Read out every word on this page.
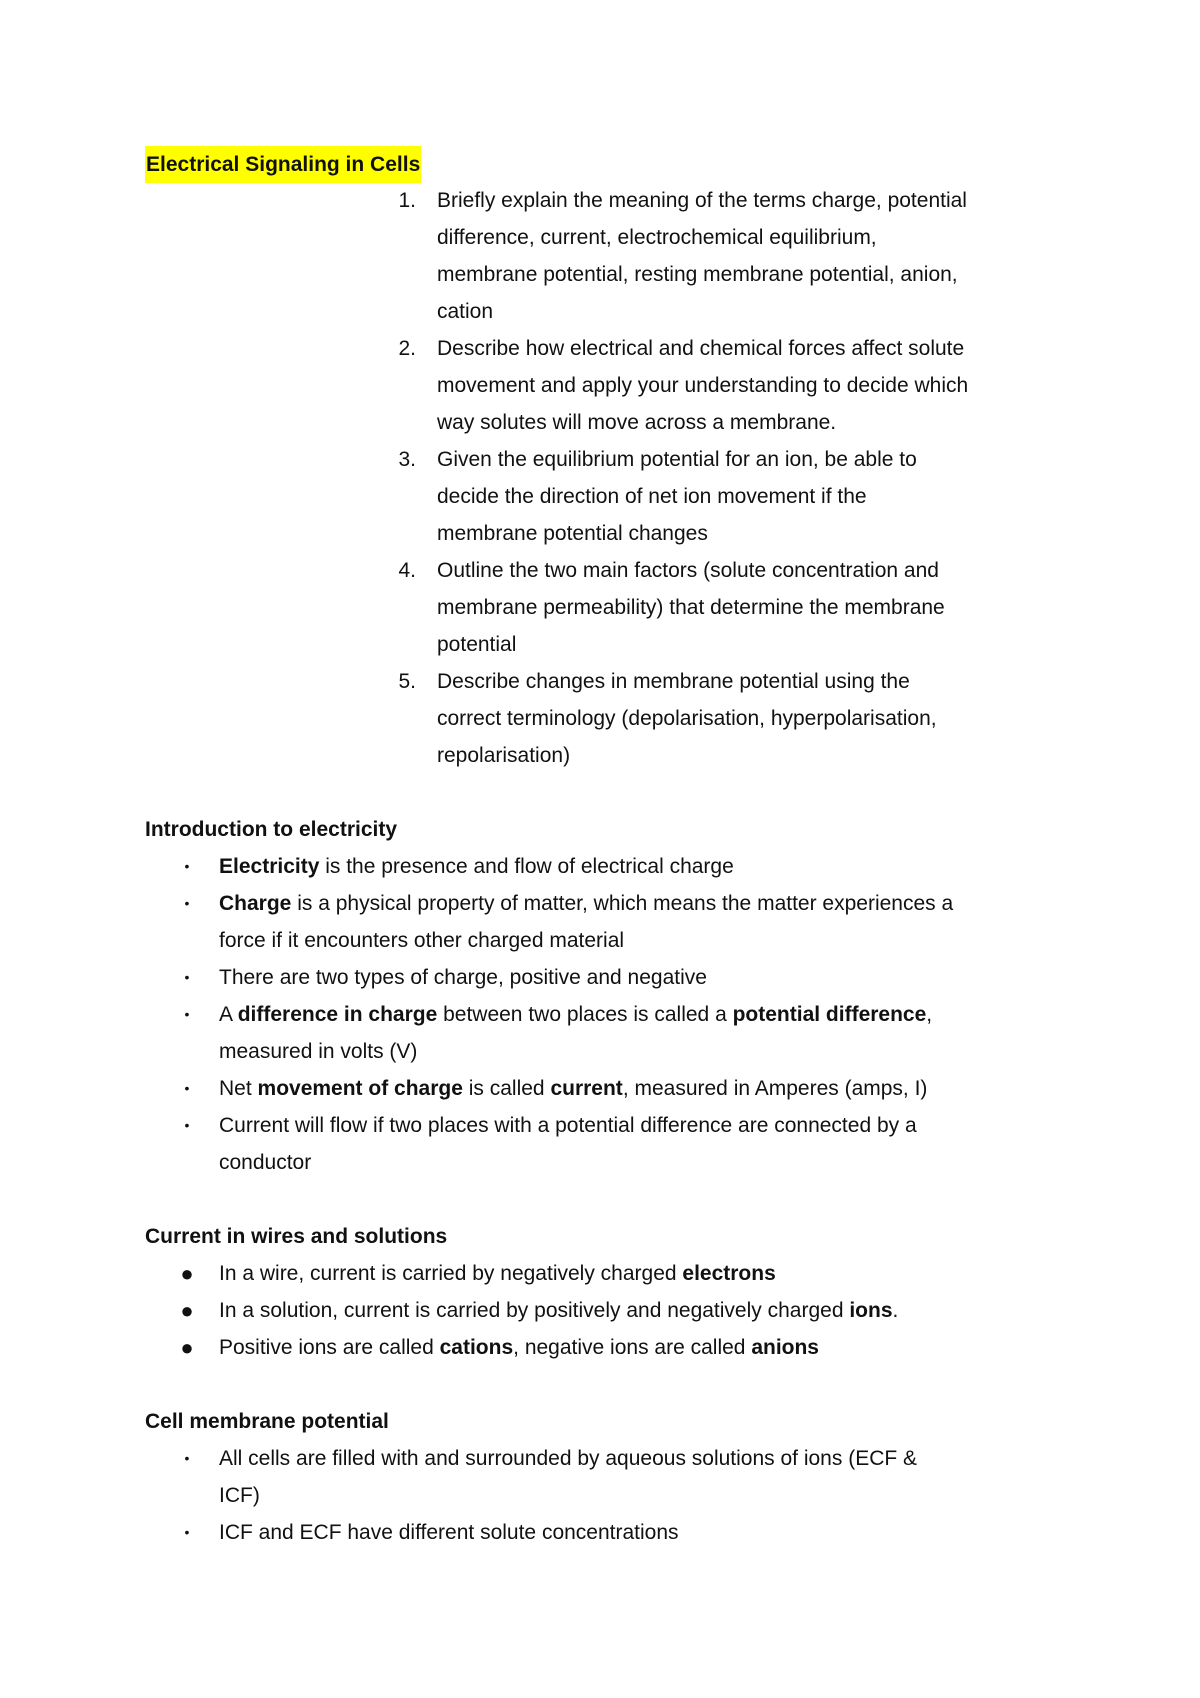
Electrical Signaling in Cells
1. Briefly explain the meaning of the terms charge, potential
difference, current, electrochemical equilibrium,
membrane potential, resting membrane potential, anion,
cation
2. Describe how electrical and chemical forces affect solute
movement and apply your understanding to decide which
way solutes will move across a membrane.
3. Given the equilibrium potential for an ion, be able to
decide the direction of net ion movement if the
membrane potential changes
4. Outline the two main factors (solute concentration and
membrane permeability) that determine the membrane
potential
5. Describe changes in membrane potential using the
correct terminology (depolarisation, hyperpolarisation,
repolarisation)
Introduction to electricity
• Electricity is the presence and flow of electrical charge
• Charge is a physical property of matter, which means the matter experiences a
force if it encounters other charged material
• There are two types of charge, positive and negative
• A difference in charge between two places is called a potential difference,
measured in volts (V)
• Net movement of charge is called current, measured in Amperes (amps, I)
• Current will flow if two places with a potential difference are connected by a
conductor
Current in wires and solutions
● In a wire, current is carried by negatively charged electrons
● In a solution, current is carried by positively and negatively charged ions.
● Positive ions are called cations, negative ions are called anions
Cell membrane potential
• All cells are filled with and surrounded by aqueous solutions of ions (ECF &
ICF)
• ICF and ECF have different solute concentrations
